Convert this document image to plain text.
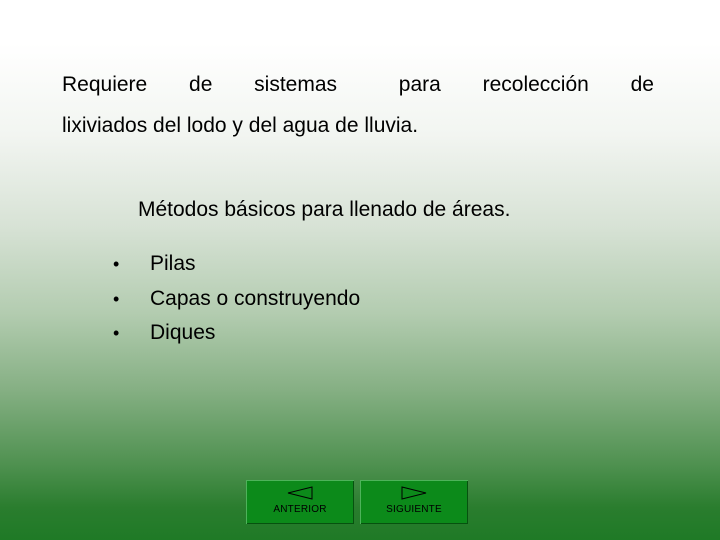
Requiere de sistemas	para recolección de
lixiviados del lodo y del agua de lluvia.
Métodos básicos para llenado de áreas.
•	Pilas
•	Capas o construyendo
•	Diques
ANTERIOR	SIGUIENTE
